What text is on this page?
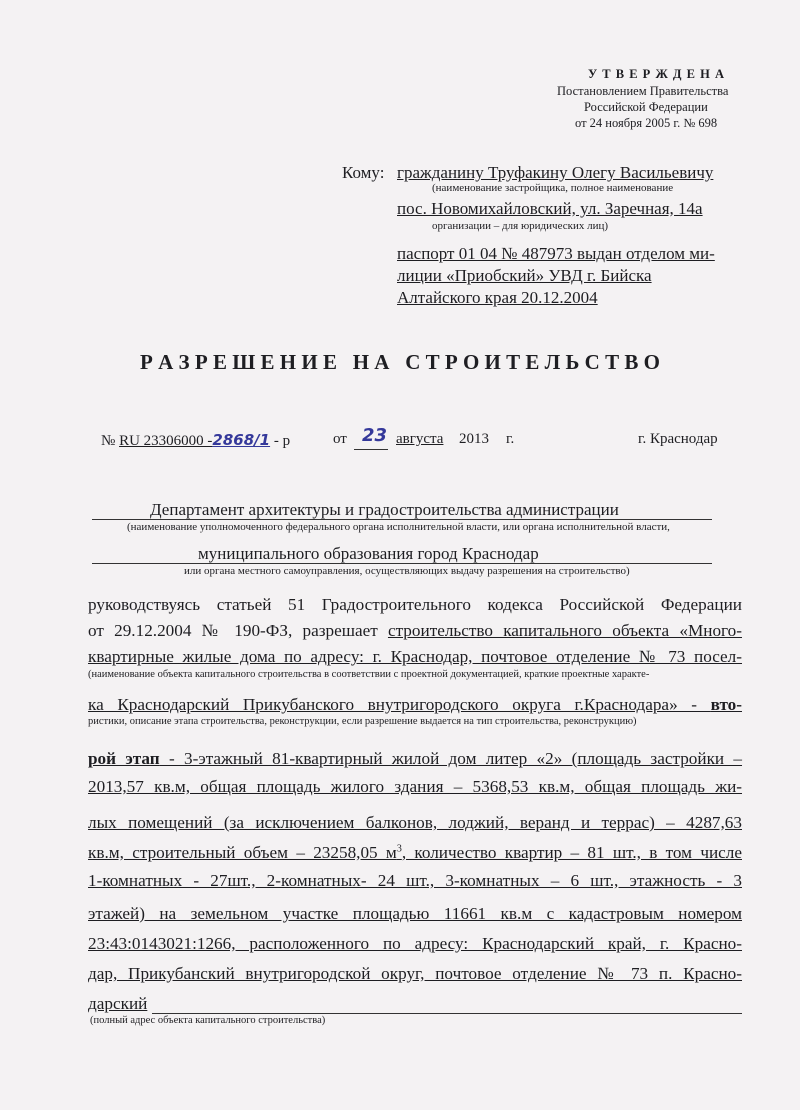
У Т В Е Р Ж Д Е Н А
Постановлением Правительства
Российской Федерации
от 24 ноября 2005 г. № 698
Кому: гражданину Труфакину Олегу Васильевичу
(наименование застройщика, полное наименование
пос. Новомихайловский, ул. Заречная, 14а
организации – для юридических лиц)
паспорт 01 04 № 487973 выдан отделом ми-
лиции «Приобский» УВД г. Бийска
Алтайского края 20.12.2004
Р А З Р Е Ш Е Н И Е   Н А   С Т Р О И Т Е Л Ь С Т В О
№ RU 23306000 -2868/1 - р	от 23 августа 2013 г.	г. Краснодар
Департамент архитектуры и градостроительства администрации
(наименование уполномоченного федерального органа исполнительной власти, или органа исполнительной власти,
муниципального образования город Краснодар
или органа местного самоуправления, осуществляющих выдачу разрешения на строительство)
руководствуясь статьей 51 Градостроительного кодекса Российской Федерации
от 29.12.2004 № 190-ФЗ, разрешает строительство капитального объекта «Много-
квартирные жилые дома по адресу: г. Краснодар, почтовое отделение № 73 посел-
(наименование объекта капитального строительства в соответствии с проектной документацией, краткие проектные характе-
ка Краснодарский Прикубанского внутригородского округа г.Краснодара» - вто-
ристики, описание этапа строительства, реконструкции, если разрешение выдается на тип строительства, реконструкцию)
рой этап - 3-этажный 81-квартирный жилой дом литер «2» (площадь застройки –
2013,57 кв.м, общая площадь жилого здания – 5368,53 кв.м, общая площадь жи-
лых помещений (за исключением балконов, лоджий, веранд и террас) – 4287,63
кв.м, строительный объем – 23258,05 $м^3$, количество квартир – 81 шт., в том числе
1-комнатных - 27шт., 2-комнатных- 24 шт., 3-комнатных – 6 шт., этажность - 3
этажей) на земельном участке площадью 11661 кв.м с кадастровым номером
23:43:0143021:1266, расположенного по адресу: Краснодарский край, г. Красно-
дар, Прикубанский внутригородской округ, почтовое отделение № 73 п. Красно-
дарский
(полный адрес объекта капитального строительства)
